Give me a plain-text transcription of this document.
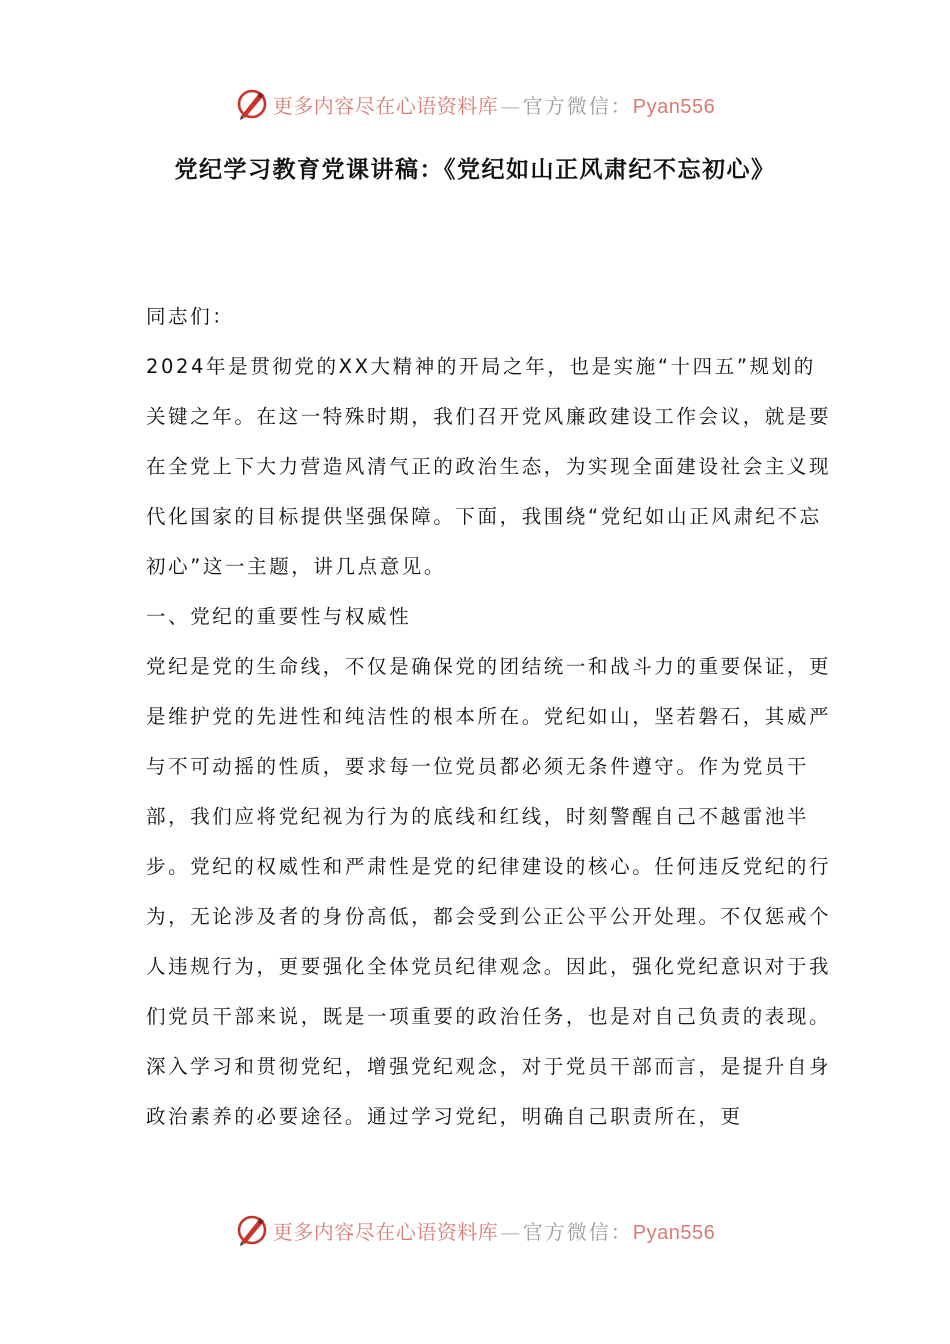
更多内容尽在心语资料库 — 官方微信：Pyan556
党纪学习教育党课讲稿：《党纪如山正风肃纪不忘初心》

同志们：

2024年是贯彻党的XX大精神的开局之年，也是实施“十四五”规划的关键之年。在这一特殊时期，我们召开党风廉政建设工作会议，就是要在全党上下大力营造风清气正的政治生态，为实现全面建设社会主义现代化国家的目标提供坚强保障。下面，我围绕“党纪如山正风肃纪不忘初心”这一主题，讲几点意见。

一、党纪的重要性与权威性

党纪是党的生命线，不仅是确保党的团结统一和战斗力的重要保证，更是维护党的先进性和纯洁性的根本所在。党纪如山，坚若磐石，其威严与不可动摇的性质，要求每一位党员都必须无条件遵守。作为党员干部，我们应将党纪视为行为的底线和红线，时刻警醒自己不越雷池半步。党纪的权威性和严肃性是党的纪律建设的核心。任何违反党纪的行为，无论涉及者的身份高低，都会受到公正公平公开处理。不仅惩戒个人违规行为，更要强化全体党员纪律观念。因此，强化党纪意识对于我们党员干部来说，既是一项重要的政治任务，也是对自己负责的表现。

深入学习和贯彻党纪，增强党纪观念，对于党员干部而言，是提升自身政治素养的必要途径。通过学习党纪，明确自己职责所在，更

更多内容尽在心语资料库 — 官方微信：Pyan556
